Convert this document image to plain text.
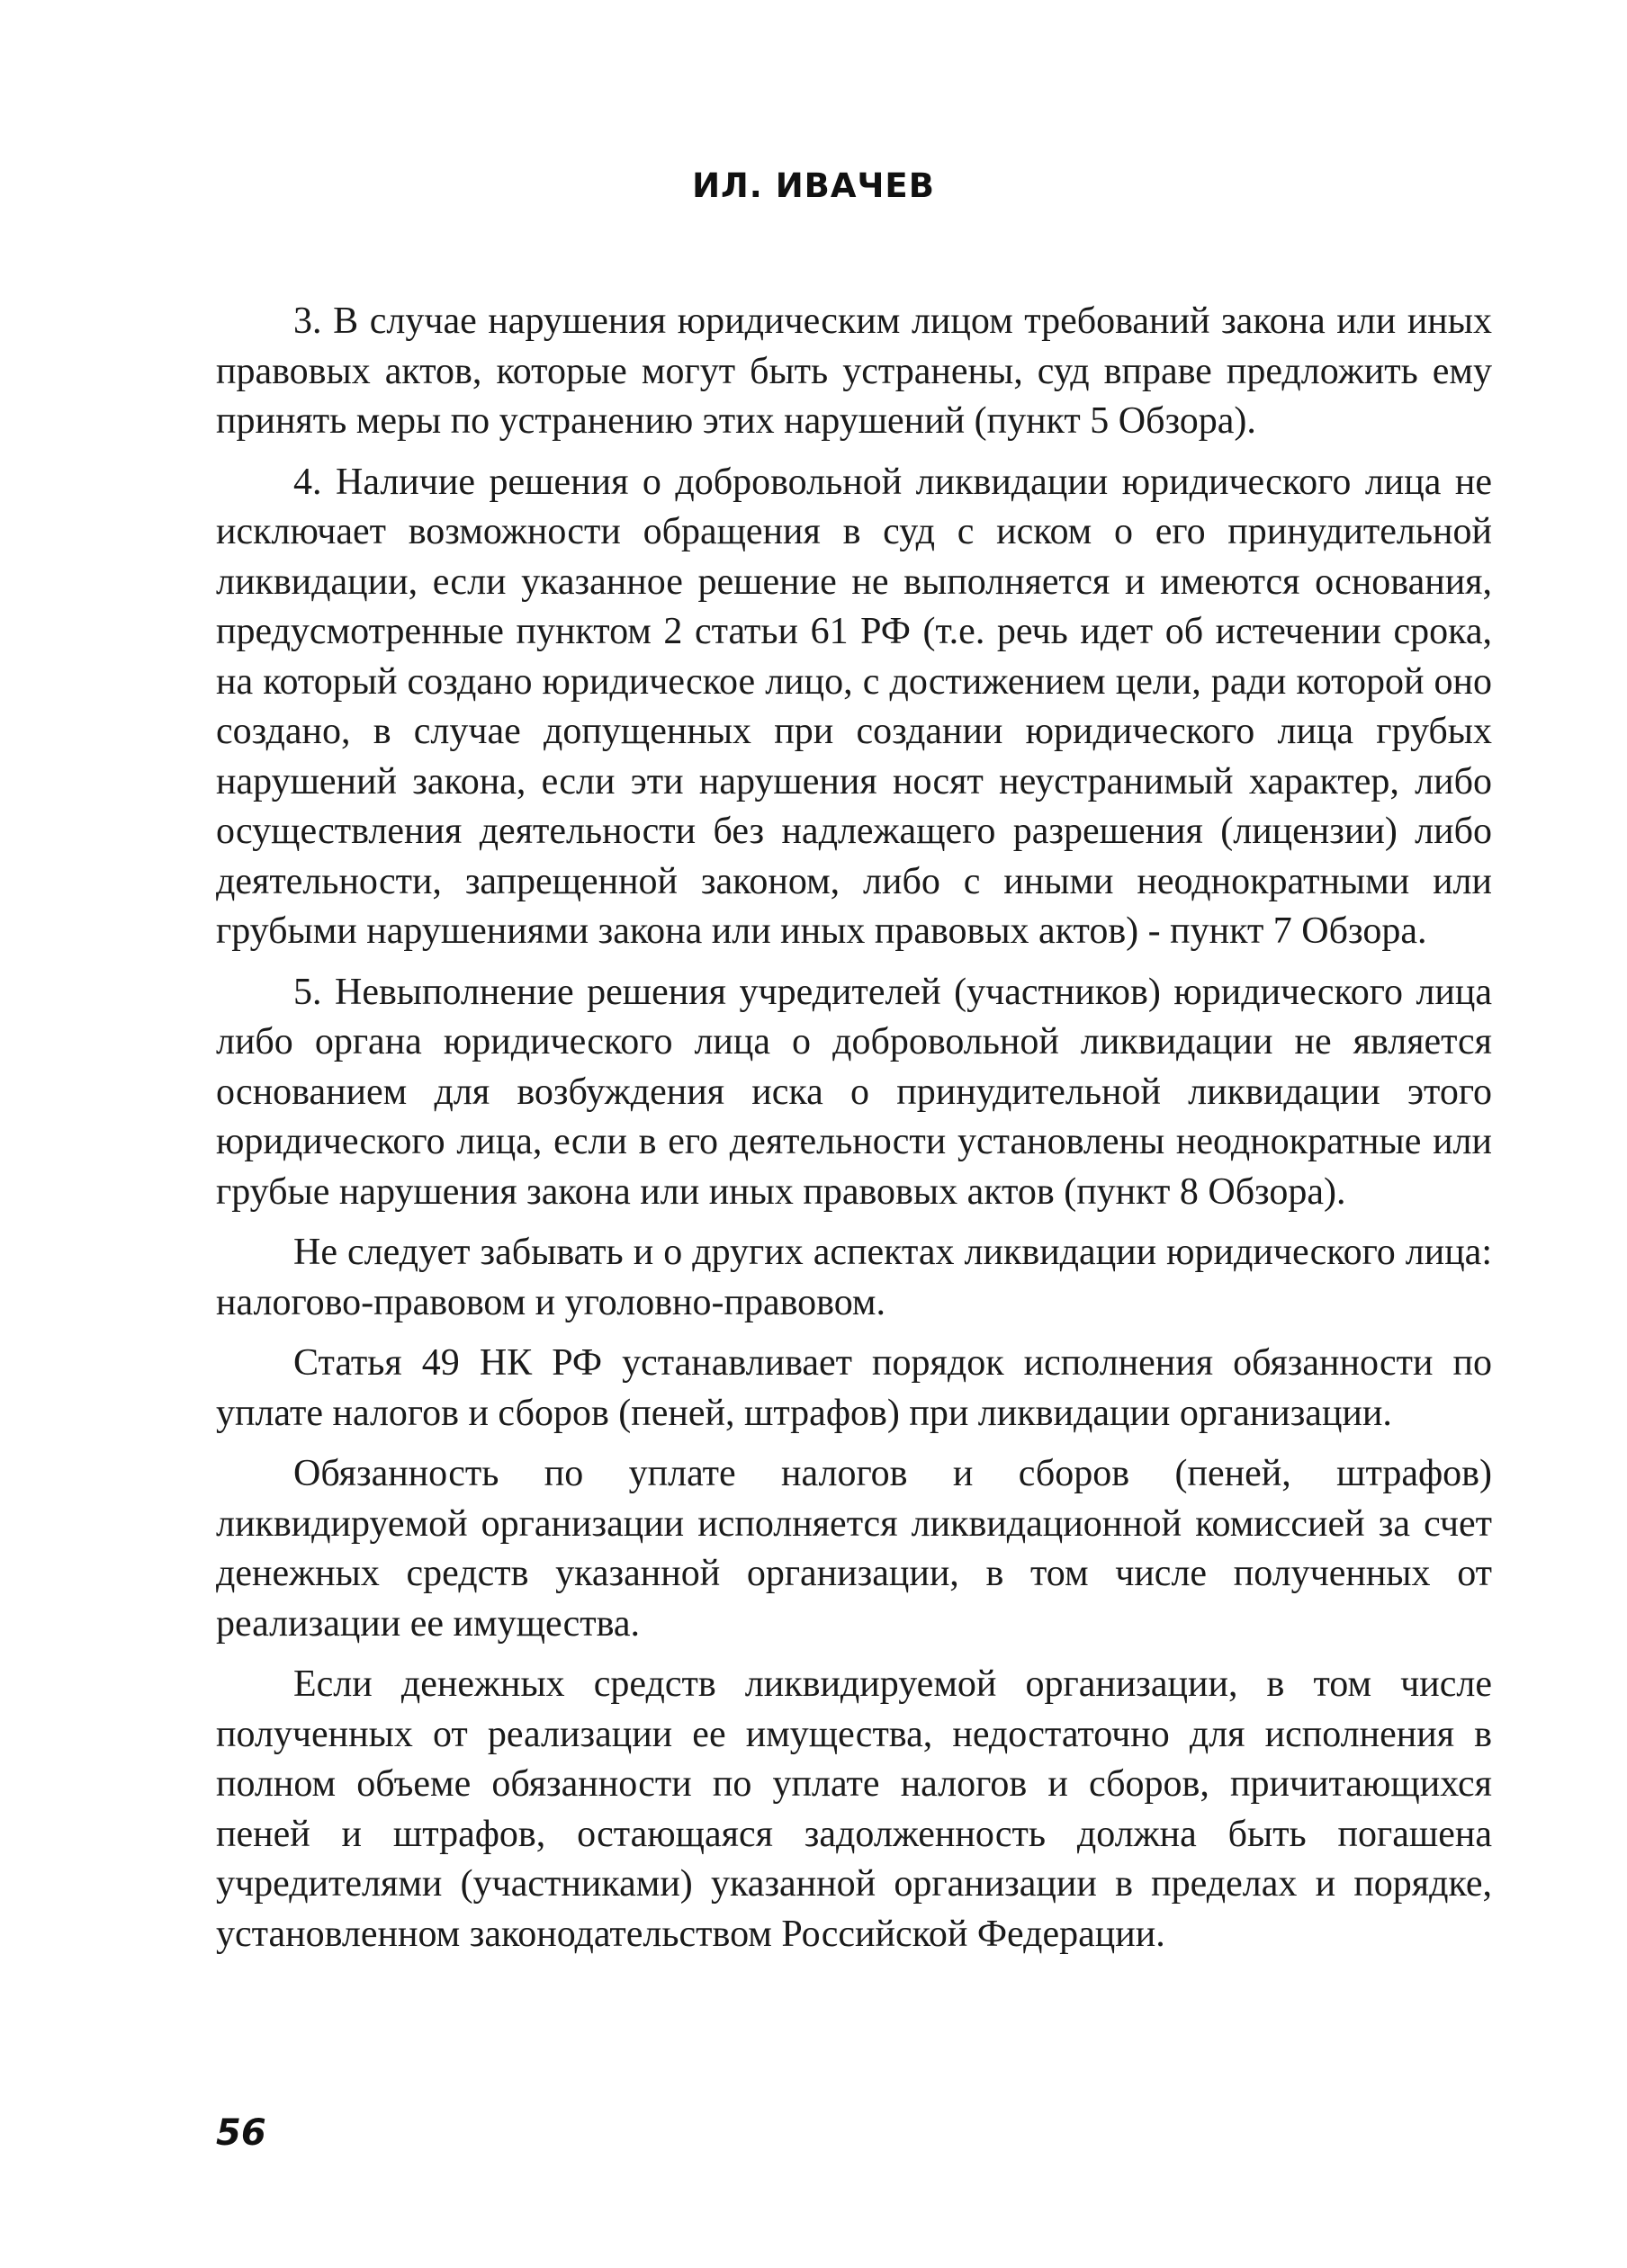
ИЛ. ИВАЧЕВ

3. В случае нарушения юридическим лицом требований закона или иных правовых актов, которые могут быть устранены, суд вправе предложить ему принять меры по устранению этих нарушений (пункт 5 Обзора).

4. Наличие решения о добровольной ликвидации юридического лица не исключает возможности обращения в суд с иском о его принудительной ликвидации, если указанное решение не выполняется и имеются основания, предусмотренные пунктом 2 статьи 61 РФ (т.е. речь идет об истечении срока, на который создано юридическое лицо, с достижением цели, ради которой оно создано, в случае допущенных при создании юридического лица грубых нарушений закона, если эти нарушения носят неустранимый характер, либо осуществления деятельности без надлежащего разрешения (лицензии) либо деятельности, запрещенной законом, либо с иными неоднократными или грубыми нарушениями закона или иных правовых актов) - пункт 7 Обзора.

5. Невыполнение решения учредителей (участников) юридического лица либо органа юридического лица о добровольной ликвидации не является основанием для возбуждения иска о принудительной ликвидации этого юридического лица, если в его деятельности установлены неоднократные или грубые нарушения закона или иных правовых актов (пункт 8 Обзора).

Не следует забывать и о других аспектах ликвидации юридического лица: налогово-правовом и уголовно-правовом.

Статья 49 НК РФ устанавливает порядок исполнения обязанности по уплате налогов и сборов (пеней, штрафов) при ликвидации организации.

Обязанность по уплате налогов и сборов (пеней, штрафов) ликвидируемой организации исполняется ликвидационной комиссией за счет денежных средств указанной организации, в том числе полученных от реализации ее имущества.

Если денежных средств ликвидируемой организации, в том числе полученных от реализации ее имущества, недостаточно для исполнения в полном объеме обязанности по уплате налогов и сборов, причитающихся пеней и штрафов, остающаяся задолженность должна быть погашена учредителями (участниками) указанной организации в пределах и порядке, установленном законодательством Российской Федерации.

56
